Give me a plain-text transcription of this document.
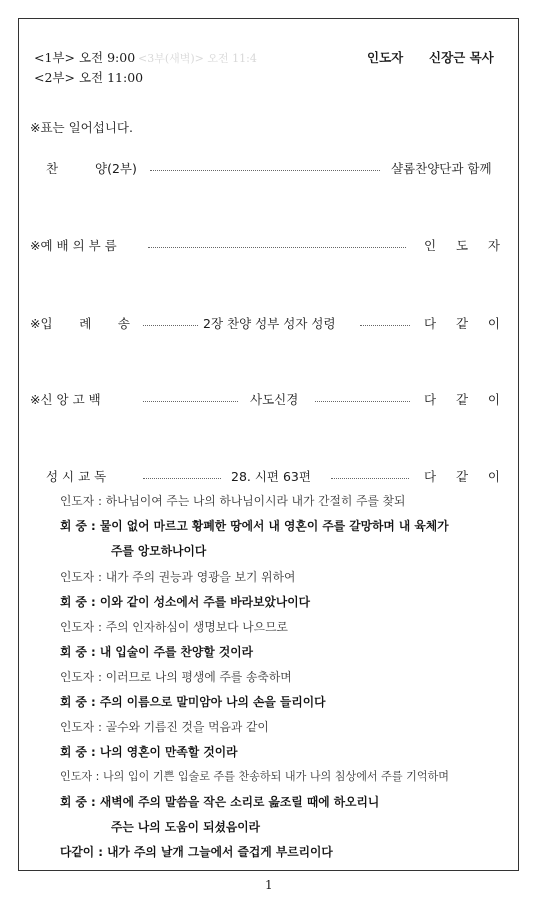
<1부> 오전 9:00 <3부(새벽)> 오전 11:4
<2부> 오전 11:00
인도자 신장근 목사
※표는 일어섭니다.
찬	양(2부)	샬롬찬양단과 함께
※예 배 의 부 름	인 도 자
※입 례 송	2장 찬양 성부 성자 성령	다 같 이
※신 앙 고 백	사도신경	다 같 이
성 시 교 독	28. 시편 63편	다 같 이
인도자 : 하나님이여 주는 나의 하나님이시라 내가 간절히 주를 찾되
회 중 : 물이 없어 마르고 황폐한 땅에서 내 영혼이 주를 갈망하며 내 육체가
주를 앙모하나이다
인도자 : 내가 주의 권능과 영광을 보기 위하여
회 중 : 이와 같이 성소에서 주를 바라보았나이다
인도자 : 주의 인자하심이 생명보다 나으므로
회 중 : 내 입술이 주를 찬양할 것이라
인도자 : 이러므로 나의 평생에 주를 송축하며
회 중 : 주의 이름으로 말미암아 나의 손을 들리이다
인도자 : 골수와 기름진 것을 먹음과 같이
회 중 : 나의 영혼이 만족할 것이라
인도자 : 나의 입이 기쁜 입술로 주를 찬송하되 내가 나의 침상에서 주를 기억하며
회 중 : 새벽에 주의 말씀을 작은 소리로 읊조릴 때에 하오리니
주는 나의 도움이 되셨음이라
다같이 : 내가 주의 날개 그늘에서 즐겁게 부르리이다
1
